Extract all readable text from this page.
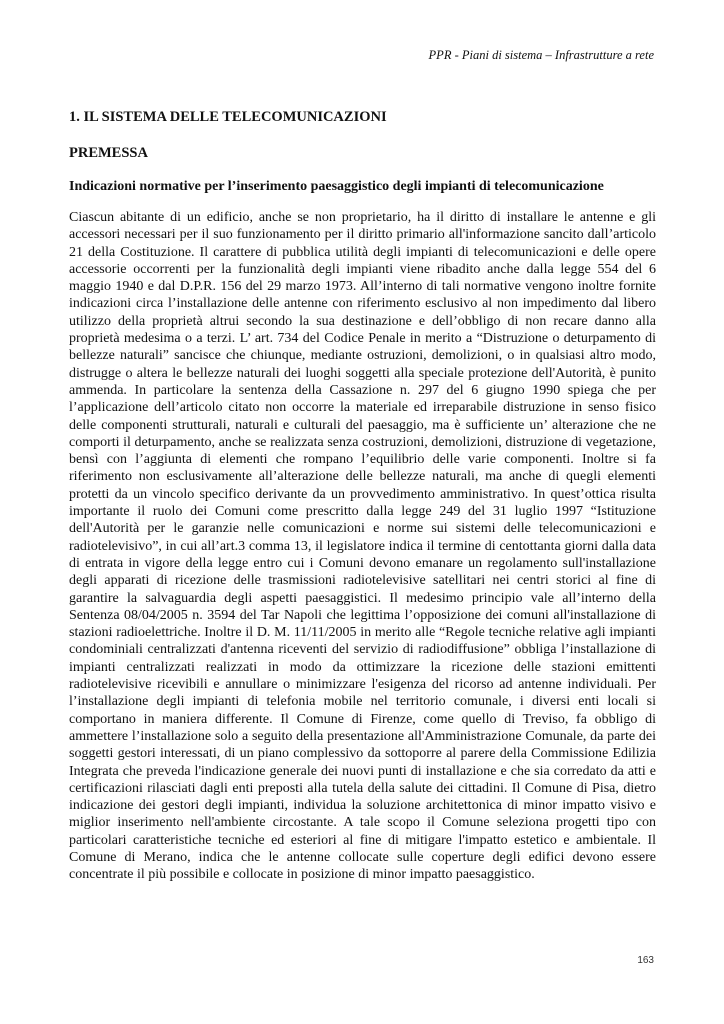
PPR - Piani di sistema – Infrastrutture a rete
1. IL SISTEMA DELLE TELECOMUNICAZIONI
PREMESSA
Indicazioni normative per l’inserimento paesaggistico degli impianti di telecomunicazione

Ciascun abitante di un edificio, anche se non proprietario, ha il diritto di installare le antenne e gli accessori necessari per il suo funzionamento per il diritto primario all'informazione sancito dall’articolo 21 della Costituzione. Il carattere di pubblica utilità degli impianti di telecomunicazioni e delle opere accessorie occorrenti per la funzionalità degli impianti viene ribadito anche dalla legge 554 del 6 maggio 1940 e dal D.P.R. 156 del 29 marzo 1973. All’interno di tali normative vengono inoltre fornite indicazioni circa l’installazione delle antenne con riferimento esclusivo al non impedimento dal libero utilizzo della proprietà altrui secondo la sua destinazione e dell’obbligo di non recare danno alla proprietà medesima o a terzi. L’ art. 734 del Codice Penale in merito a “Distruzione o deturpamento di bellezze naturali” sancisce che chiunque, mediante ostruzioni, demolizioni, o in qualsiasi altro modo, distrugge o altera le bellezze naturali dei luoghi soggetti alla speciale protezione dell'Autorità, è punito ammenda. In particolare la sentenza della Cassazione n. 297 del 6 giugno 1990 spiega che per l’applicazione dell’articolo citato non occorre la materiale ed irreparabile distruzione in senso fisico delle componenti strutturali, naturali e culturali del paesaggio, ma è sufficiente un’ alterazione che ne comporti il deturpamento, anche se realizzata senza costruzioni, demolizioni, distruzione di vegetazione, bensì con l’aggiunta di elementi che rompano l’equilibrio delle varie componenti. Inoltre si fa riferimento non esclusivamente all’alterazione delle bellezze naturali, ma anche di quegli elementi protetti da un vincolo specifico derivante da un provvedimento amministrativo. In quest’ottica risulta importante il ruolo dei Comuni come prescritto dalla legge 249 del 31 luglio 1997 “Istituzione dell'Autorità per le garanzie nelle comunicazioni e norme sui sistemi delle telecomunicazioni e radiotelevisivo”, in cui all’art.3 comma 13, il legislatore indica il termine di centottanta giorni dalla data di entrata in vigore della legge entro cui i Comuni devono emanare un regolamento sull'installazione degli apparati di ricezione delle trasmissioni radiotelevisive satellitari nei centri storici al fine di garantire la salvaguardia degli aspetti paesaggistici. Il medesimo principio vale all’interno della Sentenza 08/04/2005 n. 3594 del Tar Napoli che legittima l’opposizione dei comuni all'installazione di stazioni radioelettriche. Inoltre il D. M. 11/11/2005 in merito alle “Regole tecniche relative agli impianti condominiali centralizzati d'antenna riceventi del servizio di radiodiffusione” obbliga l’installazione di impianti centralizzati realizzati in modo da ottimizzare la ricezione delle stazioni emittenti radiotelevisive ricevibili e annullare o minimizzare l'esigenza del ricorso ad antenne individuali. Per l’installazione degli impianti di telefonia mobile nel territorio comunale, i diversi enti locali si comportano in maniera differente. Il Comune di Firenze, come quello di Treviso, fa obbligo di ammettere l’installazione solo a seguito della presentazione all'Amministrazione Comunale, da parte dei soggetti gestori interessati, di un piano complessivo da sottoporre al parere della Commissione Edilizia Integrata che preveda l'indicazione generale dei nuovi punti di installazione e che sia corredato da atti e certificazioni rilasciati dagli enti preposti alla tutela della salute dei cittadini. Il Comune di Pisa, dietro indicazione dei gestori degli impianti, individua la soluzione architettonica di minor impatto visivo e miglior inserimento nell'ambiente circostante. A tale scopo il Comune seleziona progetti tipo con particolari caratteristiche tecniche ed esteriori al fine di mitigare l'impatto estetico e ambientale. Il Comune di Merano, indica che le antenne collocate sulle coperture degli edifici devono essere concentrate il più possibile e collocate in posizione di minor impatto paesaggistico.

163
